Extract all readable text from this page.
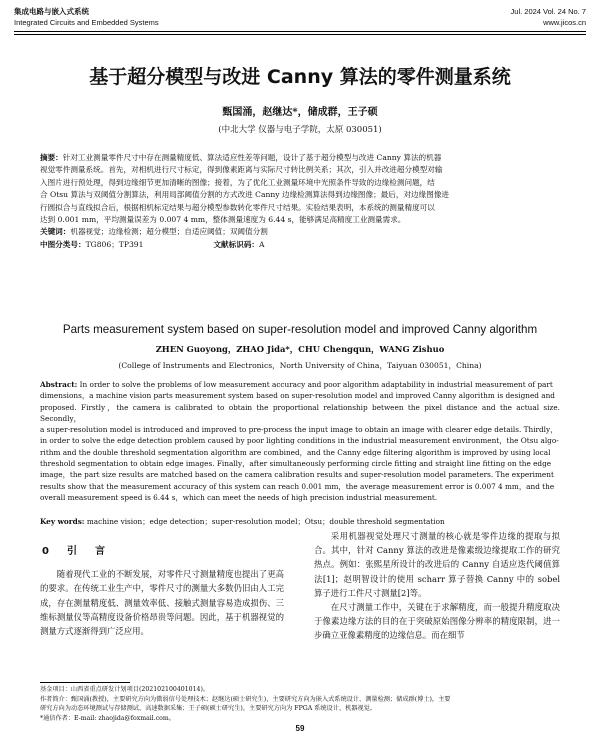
集成电路与嵌入式系统
Integrated Circuits and Embedded Systems
Jul. 2024 Vol. 24 No. 7
www.jicos.cn
基于超分模型与改进 Canny 算法的零件测量系统
甄国涌，赵继达*，储成群，王子硕
(中北大学 仪器与电子学院，太原 030051)

摘要：针对工业测量零件尺寸中存在测量精度低、算法适应性差等问题，设计了基于超分模型与改进 Canny 算法的机器

视觉零件测量系统。首先，对相机进行尺寸标定，得到像素距离与实际尺寸转比例关系；其次，引入并改进超分模型对输

入图片进行预处理，得到边缘细节更加清晰的图像；接着，为了优化工业测量环境中光照条件导致的边缘检测问题，结

合 Otsu 算法与双阈值分割算法，利用局部阈值分割的方式改进 Canny 边缘检测算法得到边缘图像；最后，对边缘图像进

行圆拟合与直线拟合后，根据相机标定结果与超分模型参数转化零件尺寸结果。实验结果表明，本系统的测量精度可以

达到 0.001 mm，平均测量误差为 0.007 4 mm，整体测量速度为 6.44 s，能够满足高精度工业测量需求。

关键词：机器视觉；边缘检测；超分模型；自适应阈值；双阈值分割

中图分类号：TG806；TP391	文献标识码：A

Parts measurement system based on super-resolution model and improved Canny algorithm
ZHEN Guoyong，ZHAO Jida*，CHU Chengqun，WANG Zishuo
(College of Instruments and Electronics，North University of China，Taiyuan 030051，China)

Abstract: In order to solve the problems of low measurement accuracy and poor algorithm adaptability in industrial measurement of part

dimensions，a machine vision parts measurement system based on super-resolution model and improved Canny algorithm is designed and

proposed. Firstly，the camera is calibrated to obtain the proportional relationship between the pixel distance and the actual size. Secondly，

a super-resolution model is introduced and improved to pre-process the input image to obtain an image with clearer edge details. Thirdly，

in order to solve the edge detection problem caused by poor lighting conditions in the industrial measurement environment，the Otsu algo-

rithm and the double threshold segmentation algorithm are combined，and the Canny edge filtering algorithm is improved by using local

threshold segmentation to obtain edge images. Finally，after simultaneously performing circle fitting and straight line fitting on the edge

image，the part size results are matched based on the camera calibration results and super-resolution model parameters. The experiment

results show that the measurement accuracy of this system can reach 0.001 mm，the average measurement error is 0.007 4 mm，and the

overall measurement speed is 6.44 s，which can meet the needs of high precision industrial measurement.

Key words: machine vision；edge detection；super-resolution model；Otsu；double threshold segmentation
0　引　言

随着现代工业的不断发展，对零件尺寸测量精度也提出了更高的要求。在传统工业生产中，零件尺寸的测量大多数仍旧由人工完成，存在测量精度低、测量效率低、接触式测量容易造成损伤、三维标测量仪等高精度设备价格昂贵等问题。因此，基于机器视觉的测量方式逐渐得到广泛应用。

采用机器视觉处理尺寸测量的核心就是零件边缘的提取与拟合。其中，针对 Canny 算法的改进是像素级边缘提取工作的研究热点。例如：张熙星所设计的改进后的 Canny 自适应迭代阈值算法[1]；赵明智设计的使用 scharr 算子替换 Canny 中的 sobel 算子进行工件尺寸测量[2]等。

在尺寸测量工作中，关键在于求解精度，而一般提升精度取决于像素边缘方法的目的在于突破原始图像分辨率的精度限制，进一步确立亚像素精度的边缘信息。而在细节

基金项目：山西省重点研发计划项目(202102100401014)。

作者简介：甄国涌(教授)，主要研究方向为微弱信号处理技术；赵继达(硕士研究生)，主要研究方向为嵌入式系统设计、测量检测；储成群(博士)，主要

研究方向为动态环境测试与存储测试、高速数据采集；王子硕(硕士研究生)，主要研究方向为 FPGA 系统设计、机器视觉。

*通信作者：E-mail: zhaojida@foxmail.com。

59
